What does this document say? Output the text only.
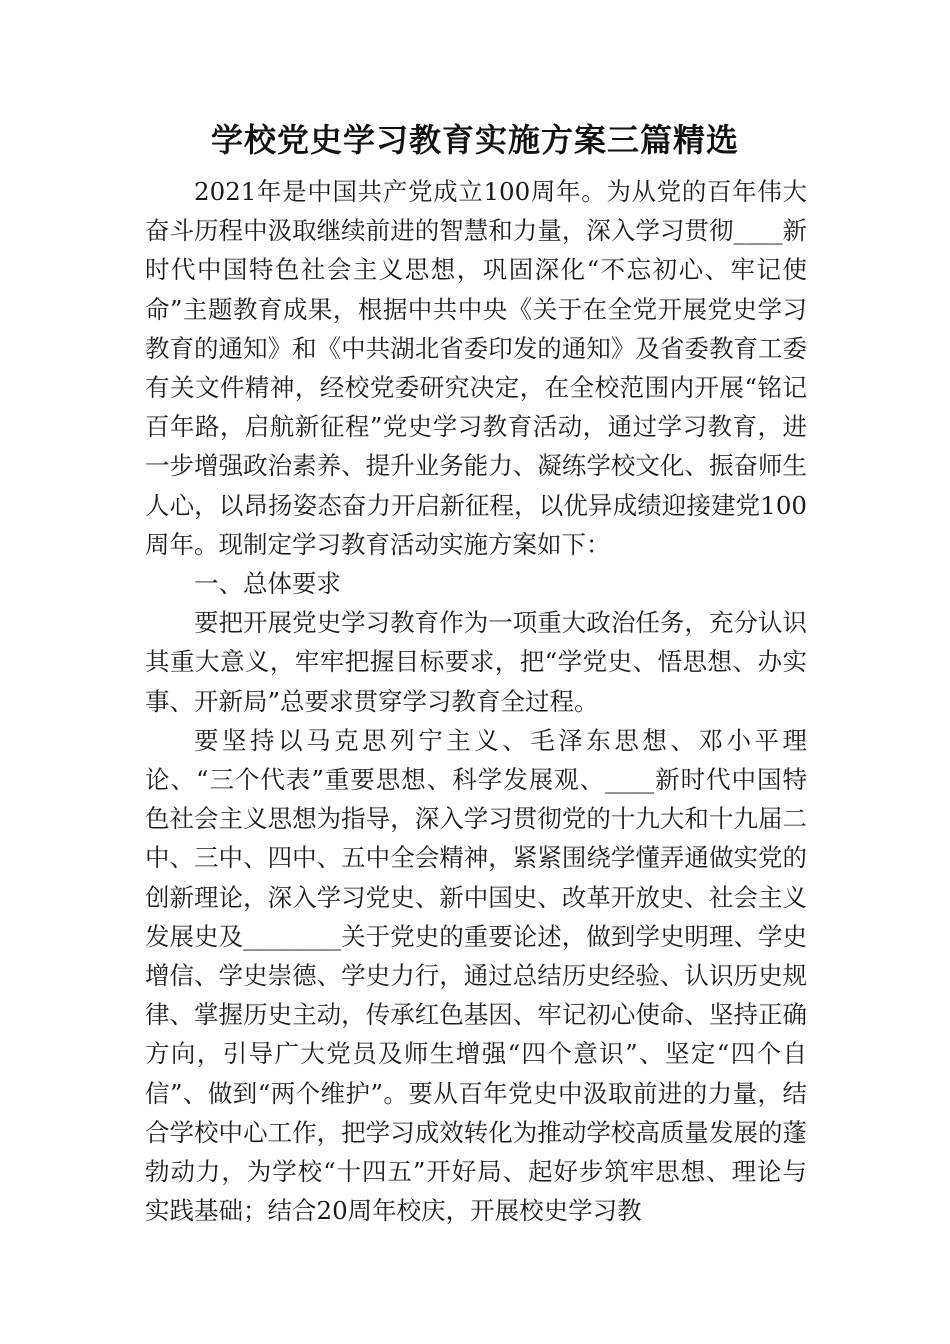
学校党史学习教育实施方案三篇精选

2021年是中国共产党成立100周年。为从党的百年伟大奋斗历程中汲取继续前进的智慧和力量，深入学习贯彻____新时代中国特色社会主义思想，巩固深化“不忘初心、牢记使命”主题教育成果，根据中共中央《关于在全党开展党史学习教育的通知》和《中共湖北省委印发的通知》及省委教育工委有关文件精神，经校党委研究决定，在全校范围内开展“铭记百年路，启航新征程”党史学习教育活动，通过学习教育，进一步增强政治素养、提升业务能力、凝练学校文化、振奋师生人心，以昂扬姿态奋力开启新征程，以优异成绩迎接建党100周年。现制定学习教育活动实施方案如下：

一、总体要求

要把开展党史学习教育作为一项重大政治任务，充分认识其重大意义，牢牢把握目标要求，把“学党史、悟思想、办实事、开新局”总要求贯穿学习教育全过程。

要坚持以马克思列宁主义、毛泽东思想、邓小平理论、“三个代表”重要思想、科学发展观、____新时代中国特色社会主义思想为指导，深入学习贯彻党的十九大和十九届二中、三中、四中、五中全会精神，紧紧围绕学懂弄通做实党的创新理论，深入学习党史、新中国史、改革开放史、社会主义发展史及________关于党史的重要论述，做到学史明理、学史增信、学史崇德、学史力行，通过总结历史经验、认识历史规律、掌握历史主动，传承红色基因、牢记初心使命、坚持正确方向，引导广大党员及师生增强“四个意识”、坚定“四个自信”、做到“两个维护”。要从百年党史中汲取前进的力量，结合学校中心工作，把学习成效转化为推动学校高质量发展的蓬勃动力，为学校“十四五”开好局、起好步筑牢思想、理论与实践基础；结合20周年校庆，开展校史学习教
